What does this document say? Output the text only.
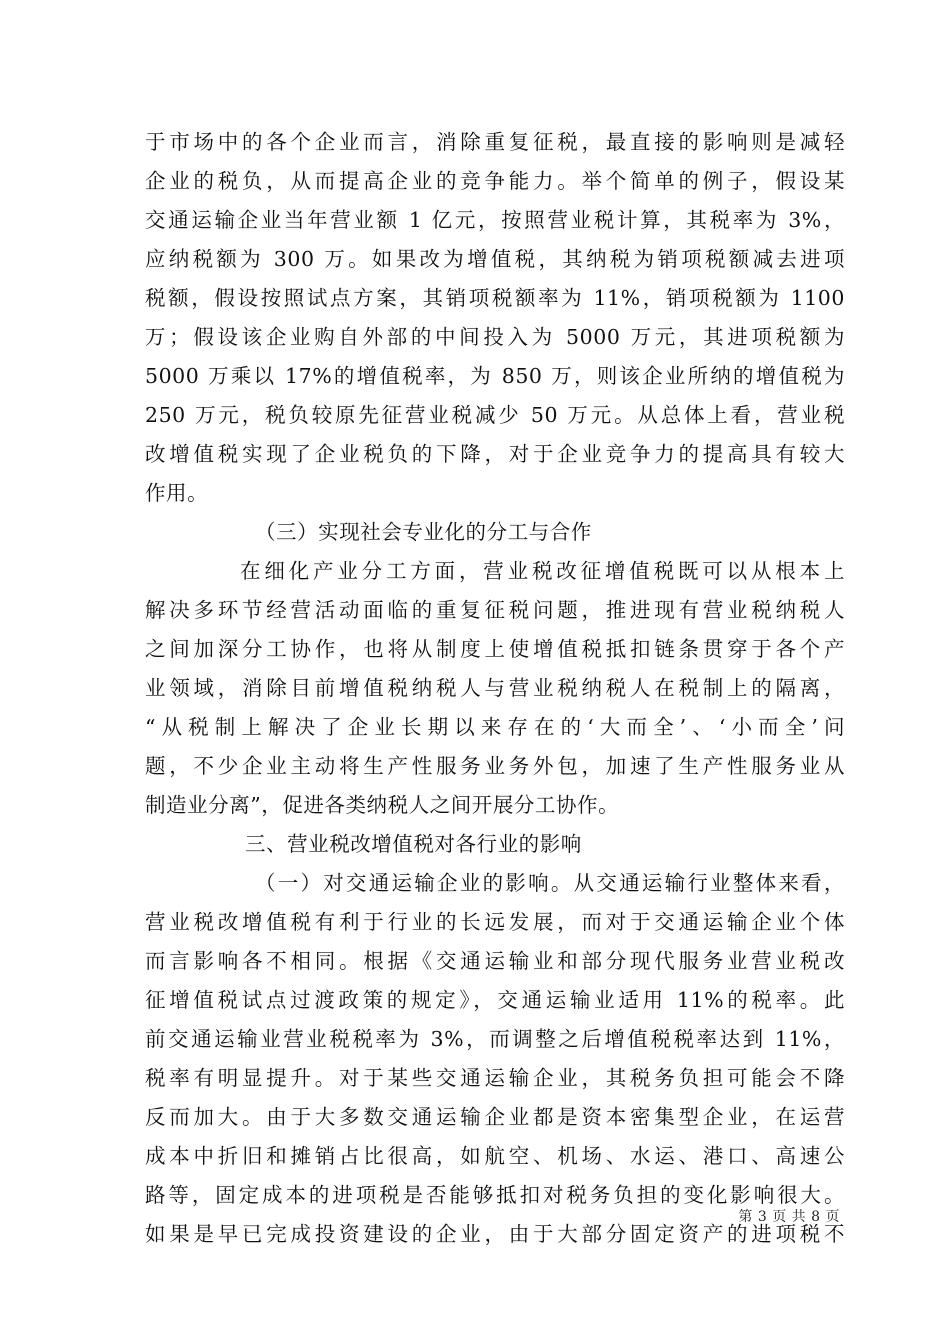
于市场中的各个企业而言，消除重复征税，最直接的影响则是减轻
企业的税负，从而提高企业的竞争能力。举个简单的例子，假设某
交通运输企业当年营业额 1 亿元，按照营业税计算，其税率为 3%，
应纳税额为 300 万。如果改为增值税，其纳税为销项税额减去进项
税额，假设按照试点方案，其销项税额率为 11%，销项税额为 1100
万；假设该企业购自外部的中间投入为 5000 万元，其进项税额为
5000 万乘以 17%的增值税率，为 850 万，则该企业所纳的增值税为
250 万元，税负较原先征营业税减少 50 万元。从总体上看，营业税
改增值税实现了企业税负的下降，对于企业竞争力的提高具有较大
作用。
（三）实现社会专业化的分工与合作
在细化产业分工方面，营业税改征增值税既可以从根本上
解决多环节经营活动面临的重复征税问题，推进现有营业税纳税人
之间加深分工协作，也将从制度上使增值税抵扣链条贯穿于各个产
业领域，消除目前增值税纳税人与营业税纳税人在税制上的隔离，
“从税制上解决了企业长期以来存在的‘大而全’、‘小而全’问
题，不少企业主动将生产性服务业务外包，加速了生产性服务业从
制造业分离”，促进各类纳税人之间开展分工协作。
三、营业税改增值税对各行业的影响
（一）对交通运输企业的影响。从交通运输行业整体来看，
营业税改增值税有利于行业的长远发展，而对于交通运输企业个体
而言影响各不相同。根据《交通运输业和部分现代服务业营业税改
征增值税试点过渡政策的规定》，交通运输业适用 11%的税率。此
前交通运输业营业税税率为 3%，而调整之后增值税税率达到 11%，
税率有明显提升。对于某些交通运输企业，其税务负担可能会不降
反而加大。由于大多数交通运输企业都是资本密集型企业，在运营
成本中折旧和摊销占比很高，如航空、机场、水运、港口、高速公
路等，固定成本的进项税是否能够抵扣对税务负担的变化影响很大。
如果是早已完成投资建设的企业，由于大部分固定资产的进项税不
第 3 页 共 8 页
